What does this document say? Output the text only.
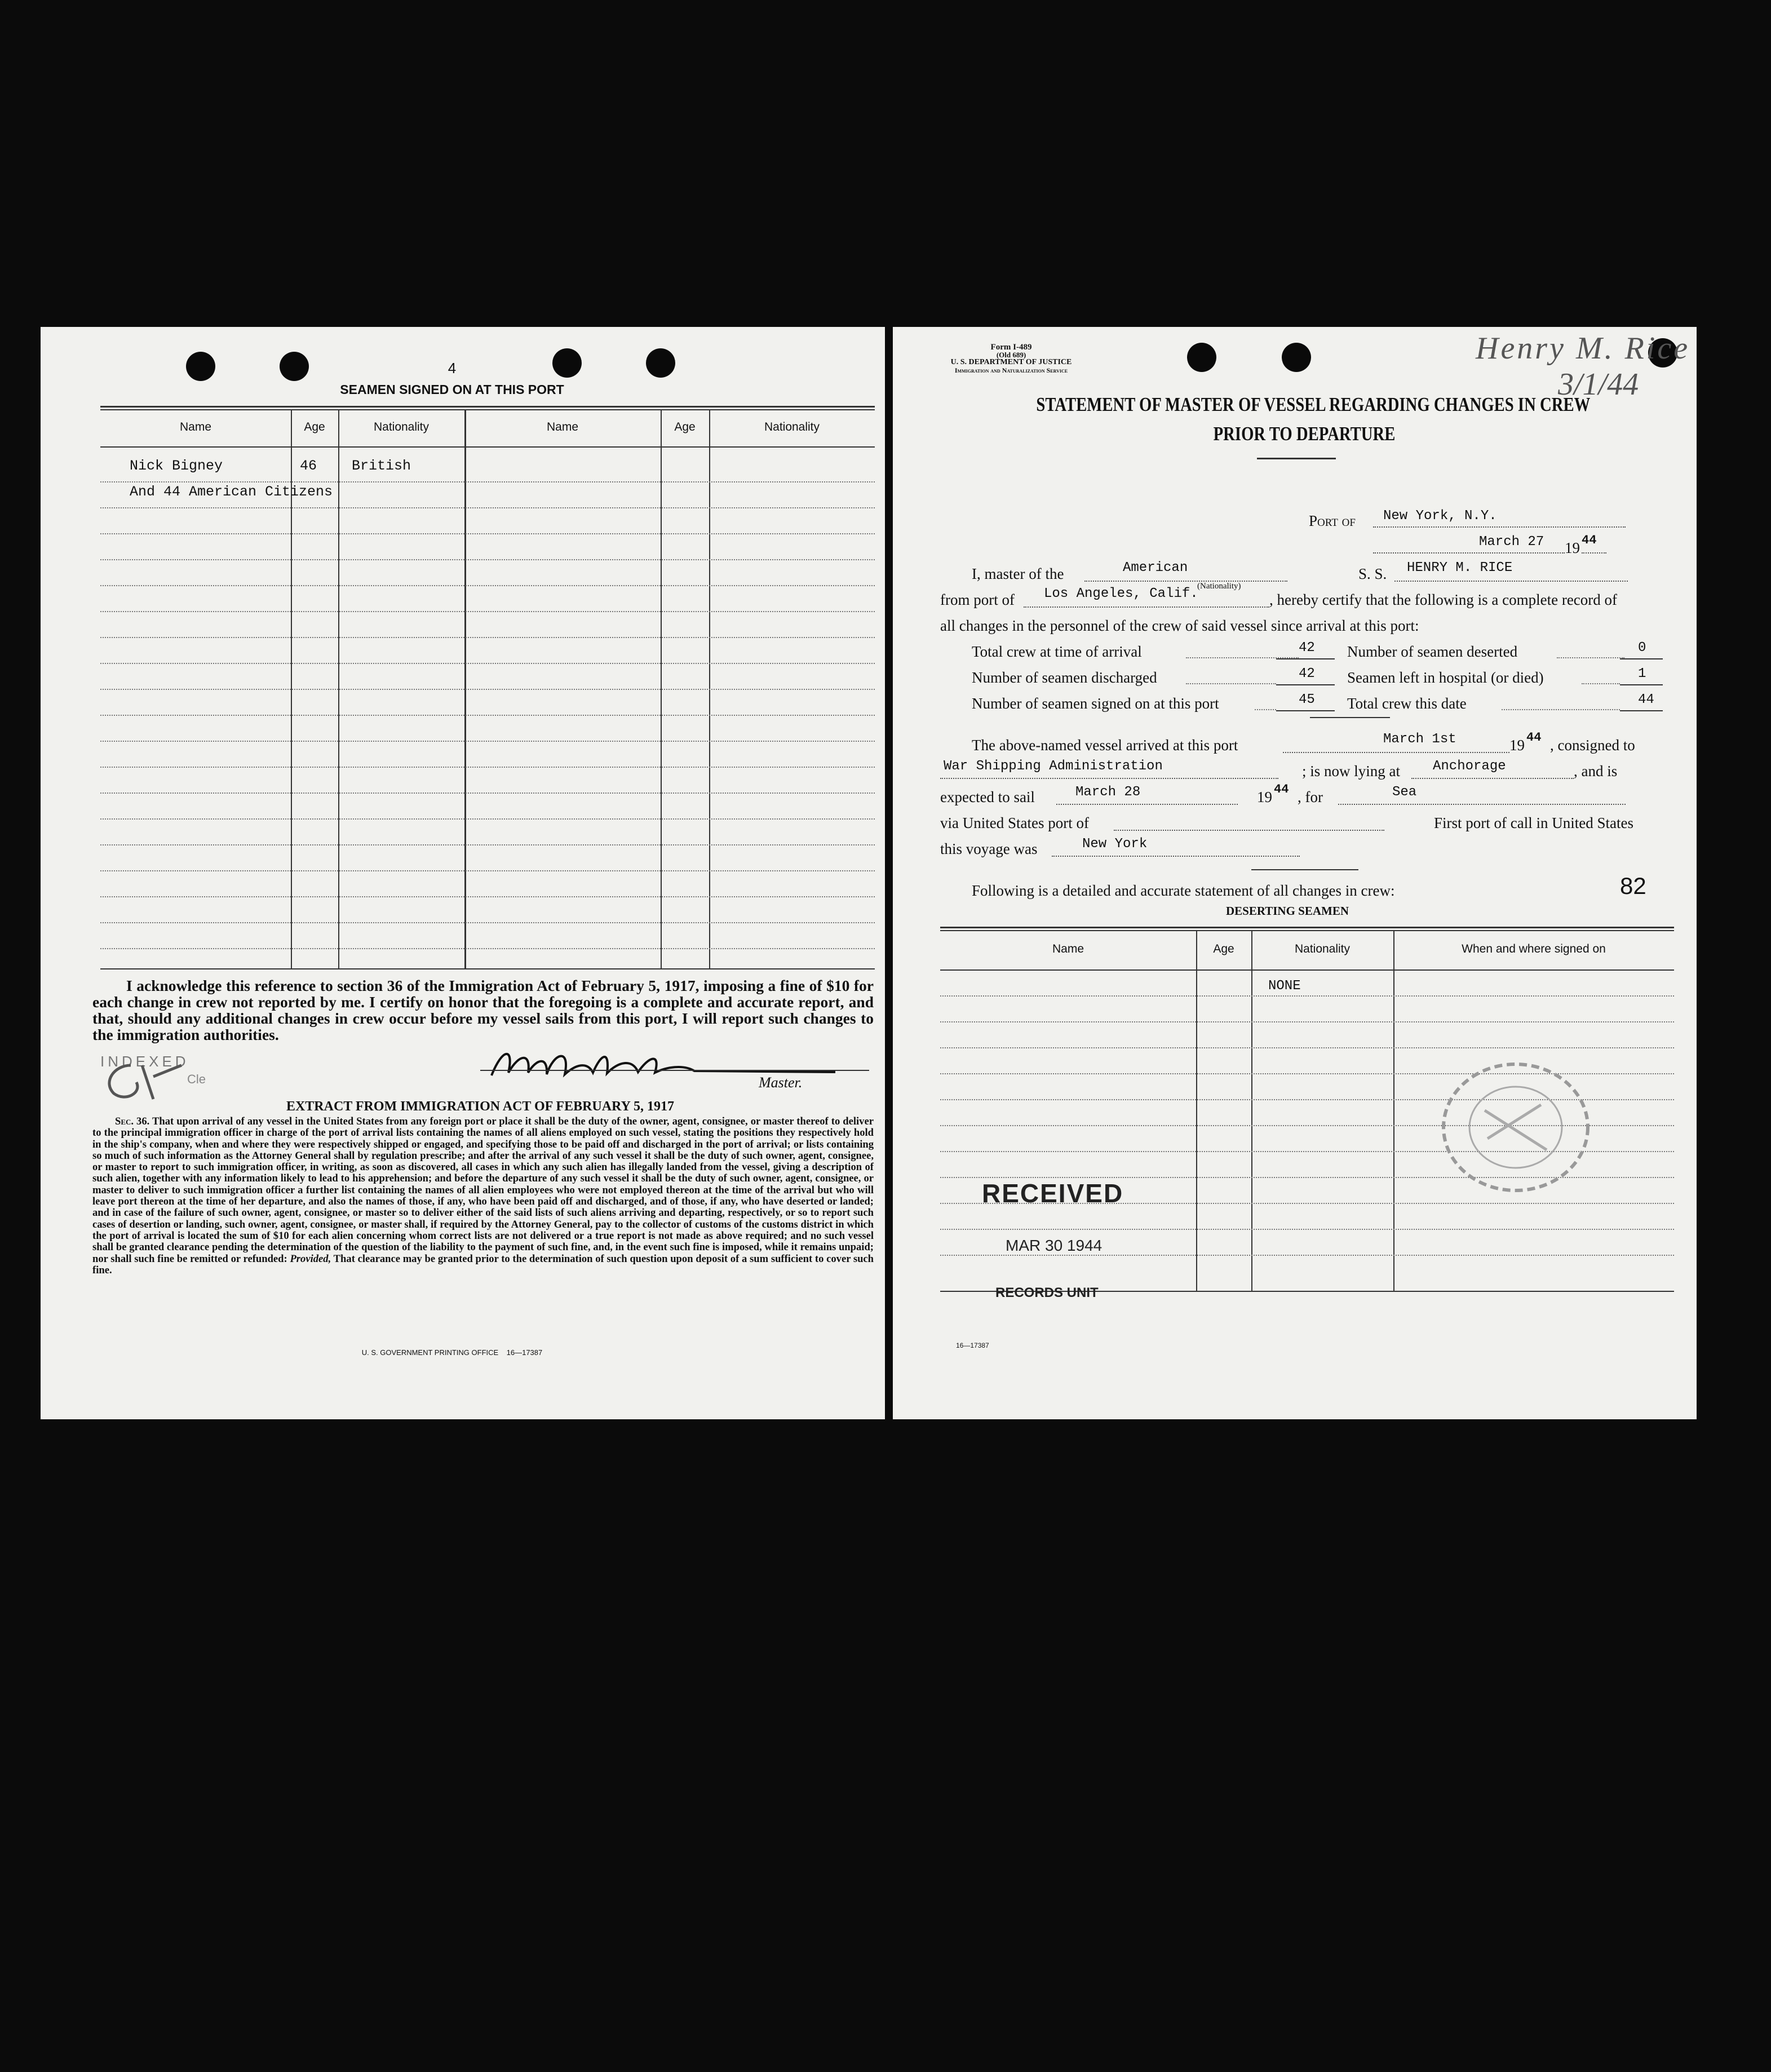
4
SEAMEN SIGNED ON AT THIS PORT
Name	Age	Nationality	Name	Age	Nationality
Nick Bigney	46 British
And 44 American Citizens
I acknowledge this reference to section 36 of the Immigration Act of February 5, 1917, imposing a fine of $10 for each change in crew not reported by me. I certify on honor that the foregoing is a complete and accurate report, and that, should any additional changes in crew occur before my vessel sails from this port, I will report such changes to the immigration authorities.
Master.
INDEXED
Cle
EXTRACT FROM IMMIGRATION ACT OF FEBRUARY 5, 1917
Sec. 36. That upon arrival of any vessel in the United States from any foreign port or place it shall be the duty of the owner, agent, consignee, or master thereof to deliver to the principal immigration officer in charge of the port of arrival lists containing the names of all aliens employed on such vessel, stating the positions they respectively hold in the ship's company, when and where they were respectively shipped or engaged, and specifying those to be paid off and discharged in the port of arrival; or lists containing so much of such information as the Attorney General shall by regulation prescribe; and after the arrival of any such vessel it shall be the duty of such owner, agent, consignee, or master to report to such immigration officer, in writing, as soon as discovered, all cases in which any such alien has illegally landed from the vessel, giving a description of such alien, together with any information likely to lead to his apprehension; and before the departure of any such vessel it shall be the duty of such owner, agent, consignee, or master to deliver to such immigration officer a further list containing the names of all alien employees who were not employed thereon at the time of the arrival but who will leave port thereon at the time of her departure, and also the names of those, if any, who have been paid off and discharged, and of those, if any, who have deserted or landed; and in case of the failure of such owner, agent, consignee, or master so to deliver either of the said lists of such aliens arriving and departing, respectively, or so to report such cases of desertion or landing, such owner, agent, consignee, or master shall, if required by the Attorney General, pay to the collector of customs of the customs district in which the port of arrival is located the sum of $10 for each alien concerning whom correct lists are not delivered or a true report is not made as above required; and no such vessel shall be granted clearance pending the determination of the question of the liability to the payment of such fine, and, in the event such fine is imposed, while it remains unpaid; nor shall such fine be remitted or refunded: Provided, That clearance may be granted prior to the determination of such question upon deposit of a sum sufficient to cover such fine.
U. S. GOVERNMENT PRINTING OFFICE    16—17387
Form I-489
(Old 689)
U. S. DEPARTMENT OF JUSTICE
Immigration and Naturalization Service
Henry M. Rice
3/1/44
STATEMENT OF MASTER OF VESSEL REGARDING CHANGES IN CREW
PRIOR TO DEPARTURE
Port of New York, N.Y.
March 27 19 44
I, master of the	American
(Nationality)
S. S. HENRY M. RICE
from port of Los Angeles, Calif.	, hereby certify that the following is a complete record of
all changes in the personnel of the crew of said vessel since arrival at this port:
Total crew at time of arrival	42 Number of seamen deserted	0
Number of seamen discharged	42 Seamen left in hospital (or died)	1
Number of seamen signed on at this port	45 Total crew this date	44
The above-named vessel arrived at this port	March 1st	19 44 , consigned to
War Shipping Administration	; is now lying at Anchorage	, and is
expected to sail	March 28	19 44 , for	Sea
via United States port of	First port of call in United States
this voyage was	New York
Following is a detailed and accurate statement of all changes in crew:	82
DESERTING SEAMEN
Name	Age	Nationality	When and where signed on
NONE
RECEIVED
MAR 30 1944
RECORDS UNIT
16—17387
